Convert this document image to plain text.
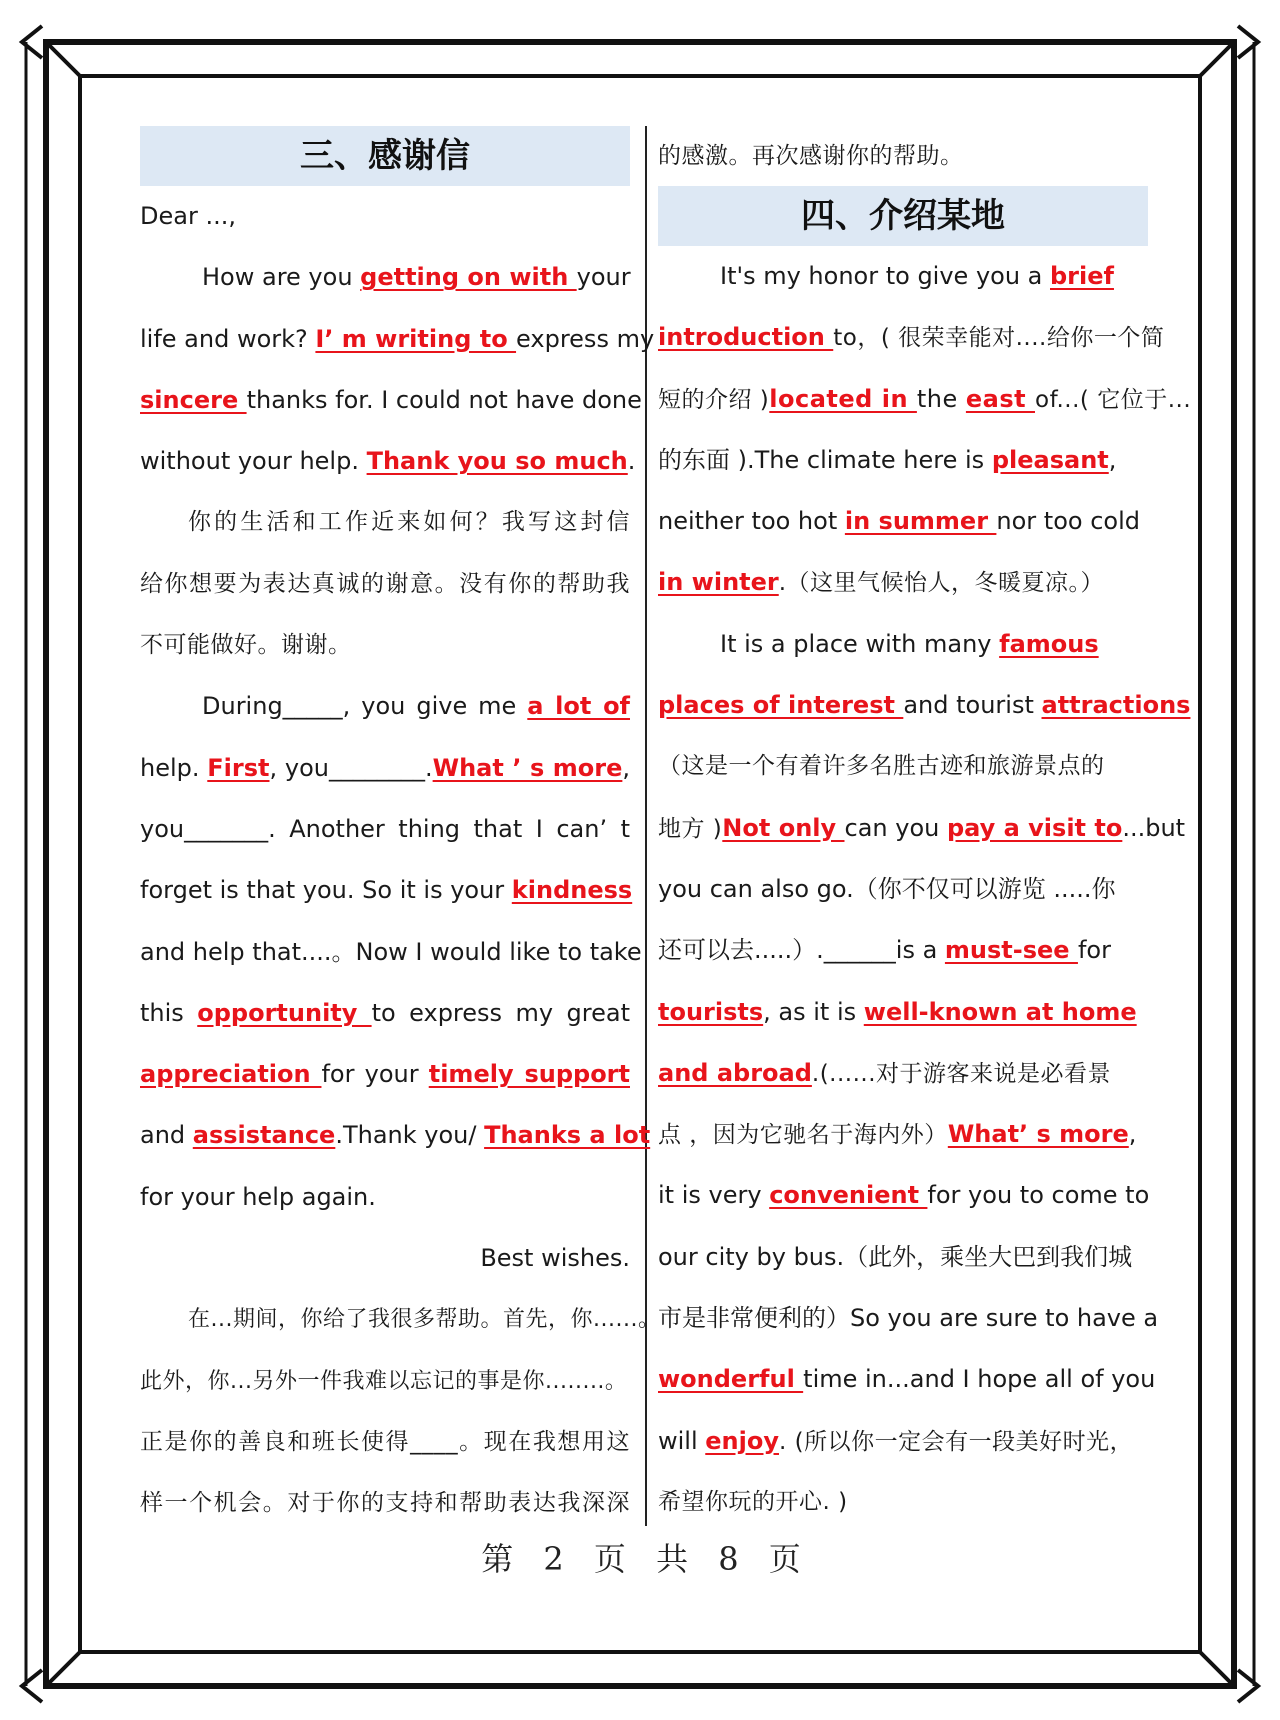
三、感谢信
Dear ...,
How are you getting on with your
life and work? I’ m writing to express my
sincere thanks for. I could not have done
without your help. Thank you so much.
你的生活和工作近来如何？我写这封信
给你想要为表达真诚的谢意。没有你的帮助我
不可能做好。谢谢。
During_____, you give me a lot of
help. First, you________.What ’ s more,
you_______. Another thing that I can’ t
forget is that you. So it is your kindness
and help that....。Now I would like to take
this opportunity to express my great
appreciation for your timely support
and assistance.Thank you/ Thanks a lot
for your help again.
Best wishes.
在...期间，你给了我很多帮助。首先，你......。
此外，你...另外一件我难以忘记的事是你........。
正是你的善良和班长使得____。现在我想用这
样一个机会。对于你的支持和帮助表达我深深
的感激。再次感谢你的帮助。
四、介绍某地
It's my honor to give you a brief
introduction to，( 很荣幸能对....给你一个简
短的介绍 )located in the east of...( 它位于...
的东面 ).The climate here is pleasant,
neither too hot in summer nor too cold
in winter.（这里气候怡人，冬暖夏凉。）
It is a place with many famous
places of interest and tourist attractions
（这是一个有着许多名胜古迹和旅游景点的
地方 )Not only can you pay a visit to...but
you can also go.（你不仅可以游览 .....你
还可以去.....）.______is a must-see for
tourists, as it is well-known at home
and abroad.(......对于游客来说是必看景
点 ，因为它驰名于海内外）What’ s more,
it is very convenient for you to come to
our city by bus.（此外，乘坐大巴到我们城
市是非常便利的）So you are sure to have a
wonderful time in...and I hope all of you
will enjoy. (所以你一定会有一段美好时光，
希望你玩的开心. )
第 2 页 共 8 页
